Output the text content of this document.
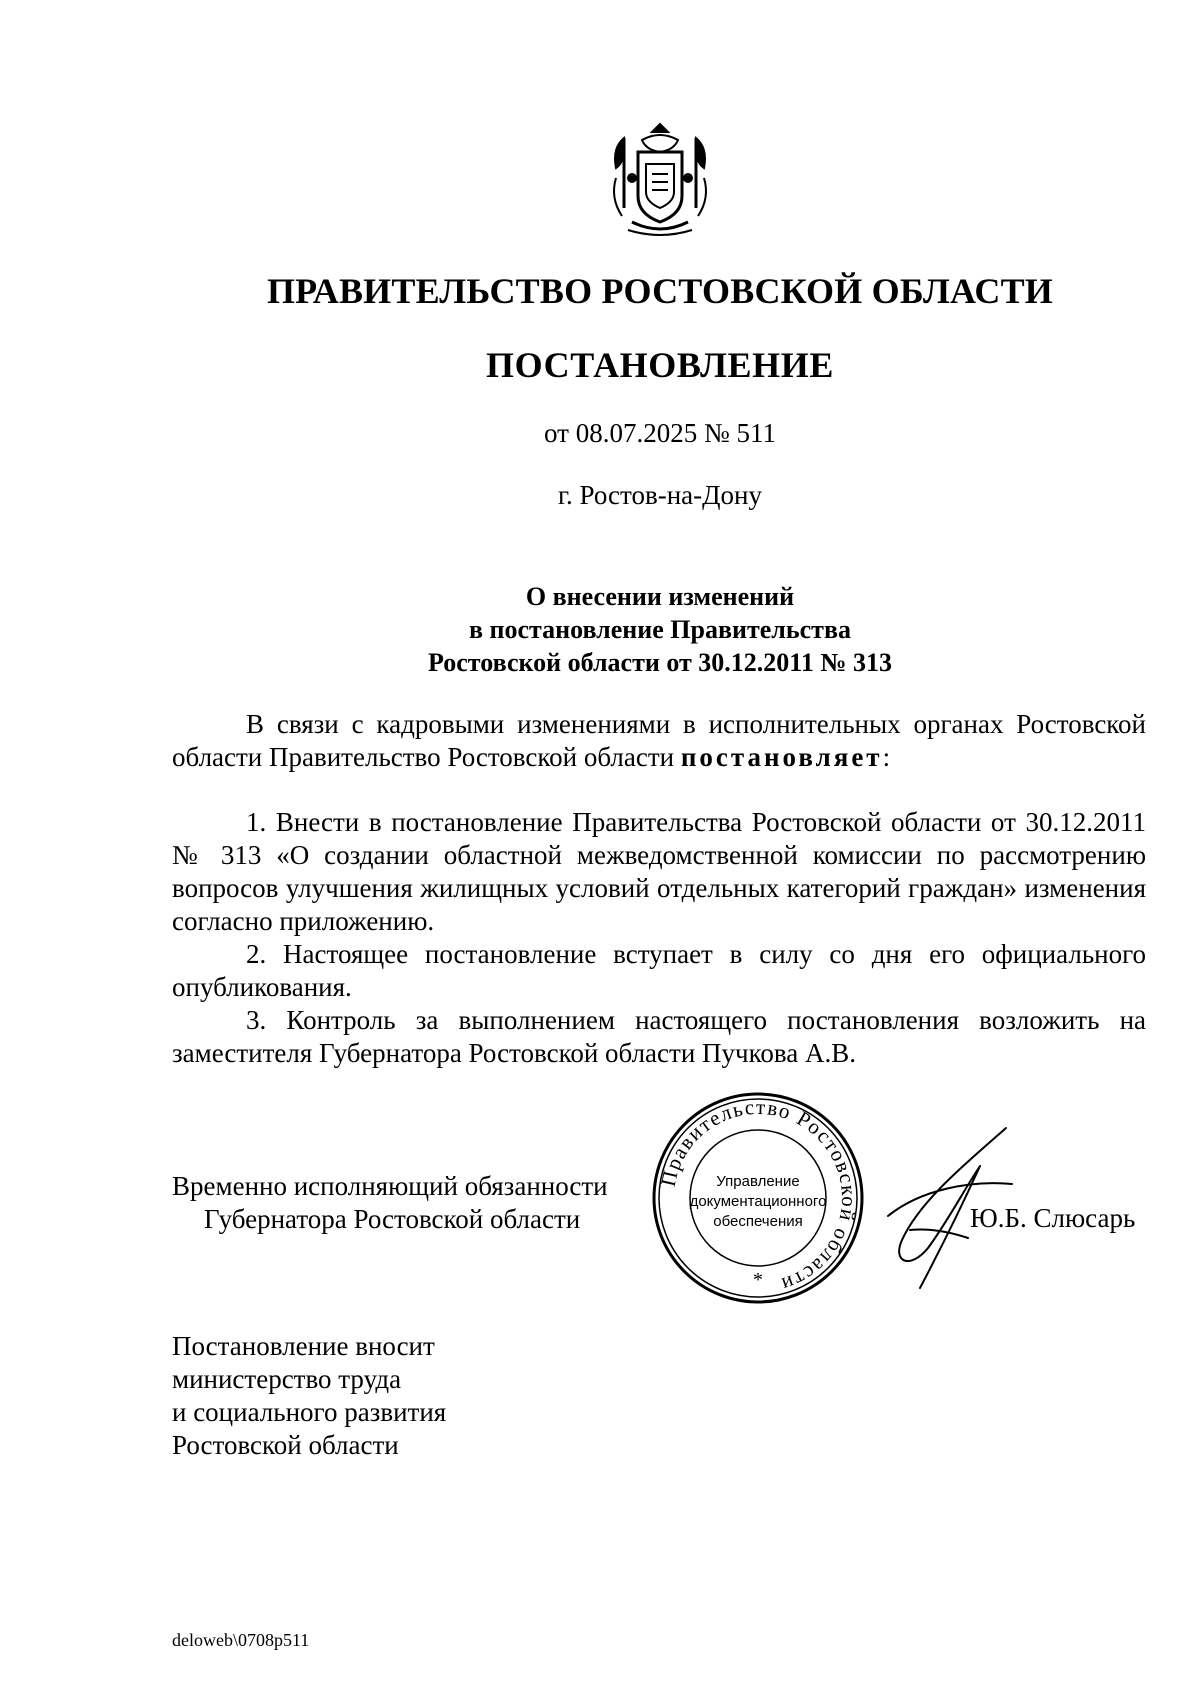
ПРАВИТЕЛЬСТВО РОСТОВСКОЙ ОБЛАСТИ
ПОСТАНОВЛЕНИЕ
от 08.07.2025 № 511
г. Ростов-на-Дону
О внесении изменений
в постановление Правительства
Ростовской области от 30.12.2011 № 313

В связи с кадровыми изменениями в исполнительных органах Ростовской области Правительство Ростовской области постановляет:

1. Внести в постановление Правительства Ростовской области от 30.12.2011 № 313 «О создании областной межведомственной комиссии по рассмотрению вопросов улучшения жилищных условий отдельных категорий граждан» изменения согласно приложению.

2. Настоящее постановление вступает в силу со дня его официального опубликования.

3. Контроль за выполнением настоящего постановления возложить на заместителя Губернатора Ростовской области Пучкова А.В.

Временно исполняющий обязанности
Губернатора Ростовской области
Правительство Ростовской области
Управление
документационного
обеспечения
*
Ю.Б. Слюсарь
Постановление вносит
министерство труда
и социального развития
Ростовской области
deloweb\0708p511
